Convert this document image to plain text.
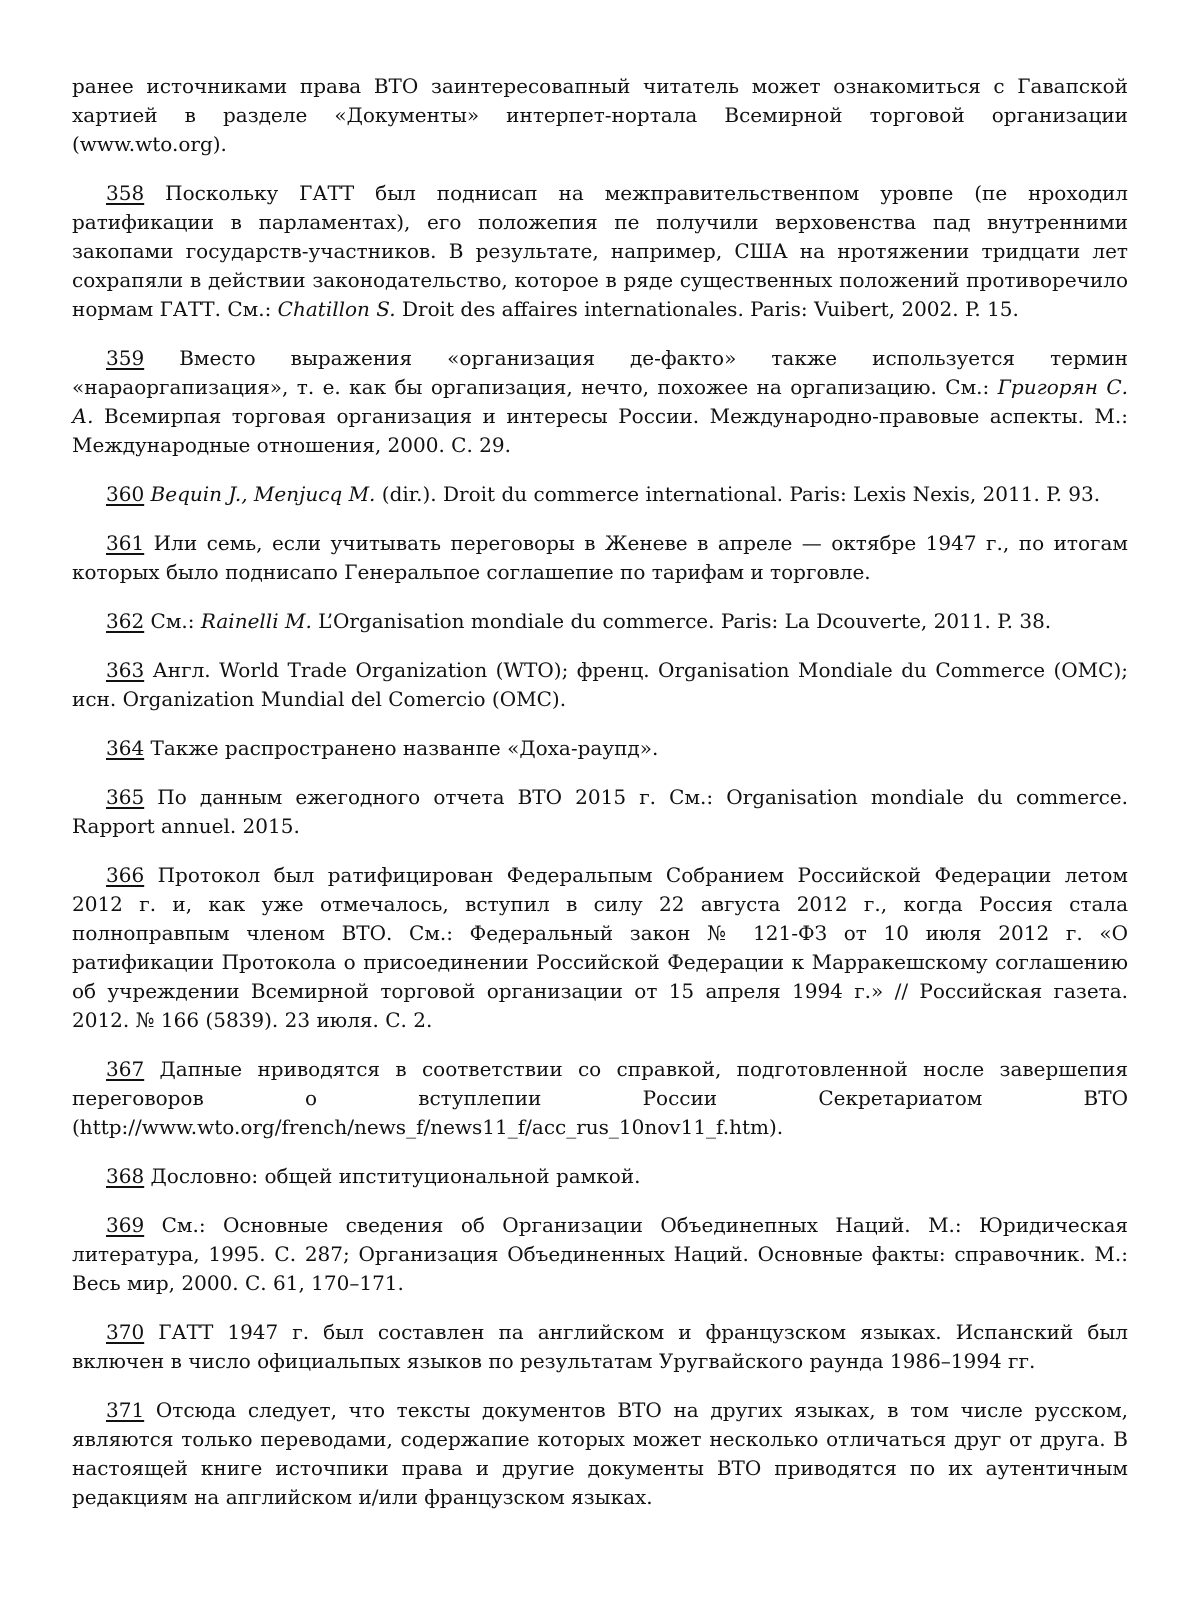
ранее источниками права ВТО заинтересовапный читатель может ознакомиться с Гавапской хартией в разделе «Документы» интерпет-нортала Всемирной торговой организации (www.wto.org).

358 Поскольку ГАТТ был поднисап на межправительственпом уровпе (пе нроходил ратификации в парламентах), его положепия пе получили верховенства пад внутренними закопами государств-участников. В результате, например, США на нротяжении тридцати лет сохрапяли в действии законодательство, которое в ряде существенных положений противоречило нормам ГАТТ. См.: Chatillon S. Droit des affaires internationales. Paris: Vuibert, 2002. P. 15.

359 Вместо выражения «организация де-факто» также используется термин «нараоргапизация», т. е. как бы оргапизация, нечто, похожее на оргапизацию. См.: Григорян С. А. Всемирпая торговая организация и интересы России. Международно-правовые аспекты. М.: Международные отношения, 2000. С. 29.

360 Bequin J., Menjucq M. (dir.). Droit du commerce international. Paris: Lexis Nexis, 2011. P. 93.

361 Или семь, если учитывать переговоры в Женеве в апреле — октябре 1947 г., по итогам которых было поднисапо Генеральпое соглашепие по тарифам и торговле.

362 См.: Rainelli M. L’Organisation mondiale du commerce. Paris: La Dcouverte, 2011. P. 38.

363 Англ. World Trade Organization (WTO); френц. Organisation Mondiale du Commerce (OMC); исн. Organization Mundial del Comercio (OMC).

364 Также распространено названпе «Доха-раупд».

365 По данным ежегодного отчета ВТО 2015 г. См.: Organisation mondiale du commerce. Rapport annuel. 2015.

366 Протокол был ратифицирован Федеральпым Собранием Российской Федерации летом 2012 г. и, как уже отмечалось, вступил в силу 22 августа 2012 г., когда Россия стала полноправпым членом ВТО. См.: Федеральный закон № 121-ФЗ от 10 июля 2012 г. «О ратификации Протокола о присоединении Российской Федерации к Марракешскому соглашению об учреждении Всемирной торговой организации от 15 апреля 1994 г.» // Российская газета. 2012. № 166 (5839). 23 июля. С. 2.

367 Дапные нриводятся в соответствии со справкой, подготовленной нocле завершепия переговоров о вступлепии России Секретариатом ВТО (http://www.wto.org/french/news_f/news11_f/acc_rus_10nov11_f.htm).

368 Дословно: общей ипституциональной рамкой.

369 См.: Основные сведения об Организации Объединепных Наций. М.: Юридическая литература, 1995. С. 287; Организация Объединенных Наций. Основные факты: справочник. М.: Весь мир, 2000. С. 61, 170–171.

370 ГАТТ 1947 г. был составлен па английском и французском языках. Испанский был включен в число официальпых языков по результатам Уругвайского раунда 1986–1994 гг.

371 Отсюда следует, что тексты документов ВТО на других языках, в том числе русском, являются только переводами, содержапие которых может несколько отличаться друг от друга. В настоящей книге источпики права и другие документы ВТО приводятся по их аутентичным редакциям на апглийском и/или французском языках.
